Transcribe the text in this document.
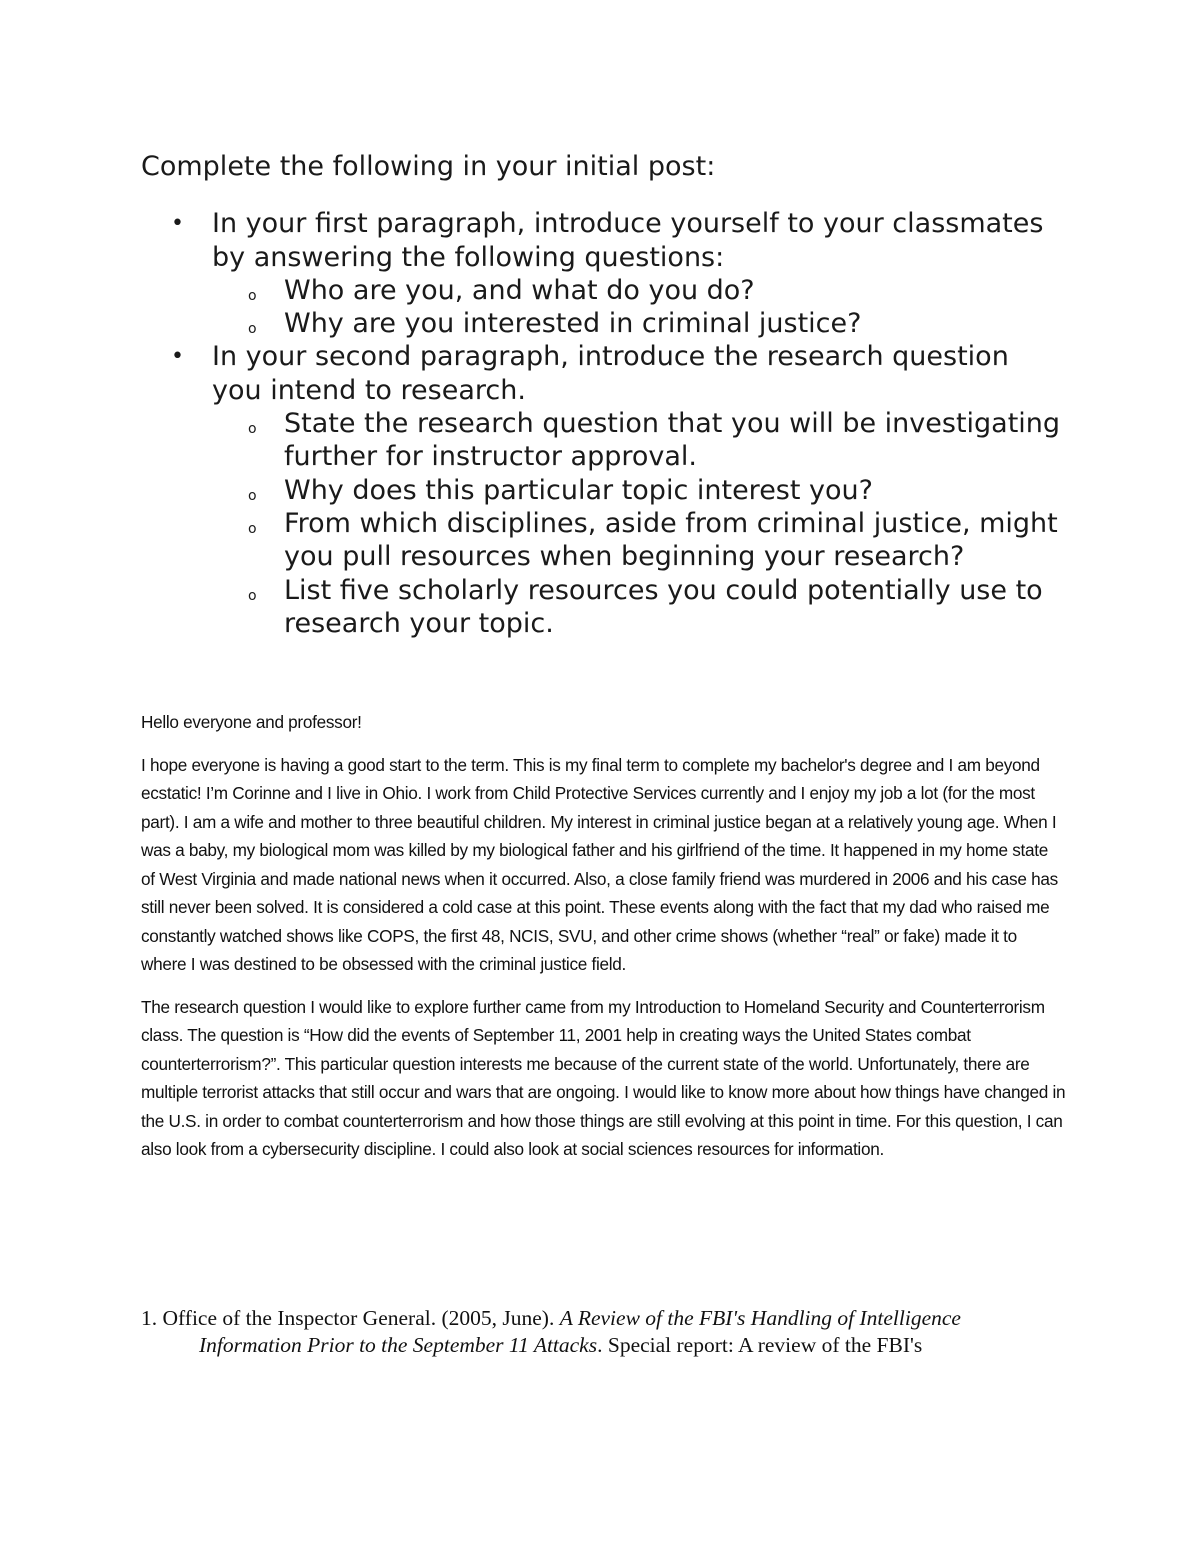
Complete the following in your initial post:

• In your first paragraph, introduce yourself to your classmates by answering the following questions:
o Who are you, and what do you do?
o Why are you interested in criminal justice?
• In your second paragraph, introduce the research question you intend to research.
o State the research question that you will be investigating further for instructor approval.
o Why does this particular topic interest you?
o From which disciplines, aside from criminal justice, might you pull resources when beginning your research?
o List five scholarly resources you could potentially use to research your topic.

Hello everyone and professor!

I hope everyone is having a good start to the term. This is my final term to complete my bachelor's degree and I am beyond ecstatic! I’m Corinne and I live in Ohio. I work from Child Protective Services currently and I enjoy my job a lot (for the most part). I am a wife and mother to three beautiful children. My interest in criminal justice began at a relatively young age. When I was a baby, my biological mom was killed by my biological father and his girlfriend of the time. It happened in my home state of West Virginia and made national news when it occurred. Also, a close family friend was murdered in 2006 and his case has still never been solved. It is considered a cold case at this point. These events along with the fact that my dad who raised me constantly watched shows like COPS, the first 48, NCIS, SVU, and other crime shows (whether “real” or fake) made it to where I was destined to be obsessed with the criminal justice field.

The research question I would like to explore further came from my Introduction to Homeland Security and Counterterrorism class. The question is “How did the events of September 11, 2001 help in creating ways the United States combat counterterrorism?”. This particular question interests me because of the current state of the world. Unfortunately, there are multiple terrorist attacks that still occur and wars that are ongoing. I would like to know more about how things have changed in the U.S. in order to combat counterterrorism and how those things are still evolving at this point in time. For this question, I can also look from a cybersecurity discipline. I could also look at social sciences resources for information.

1. Office of the Inspector General. (2005, June). A Review of the FBI's Handling of Intelligence Information Prior to the September 11 Attacks. Special report: A review of the FBI's
